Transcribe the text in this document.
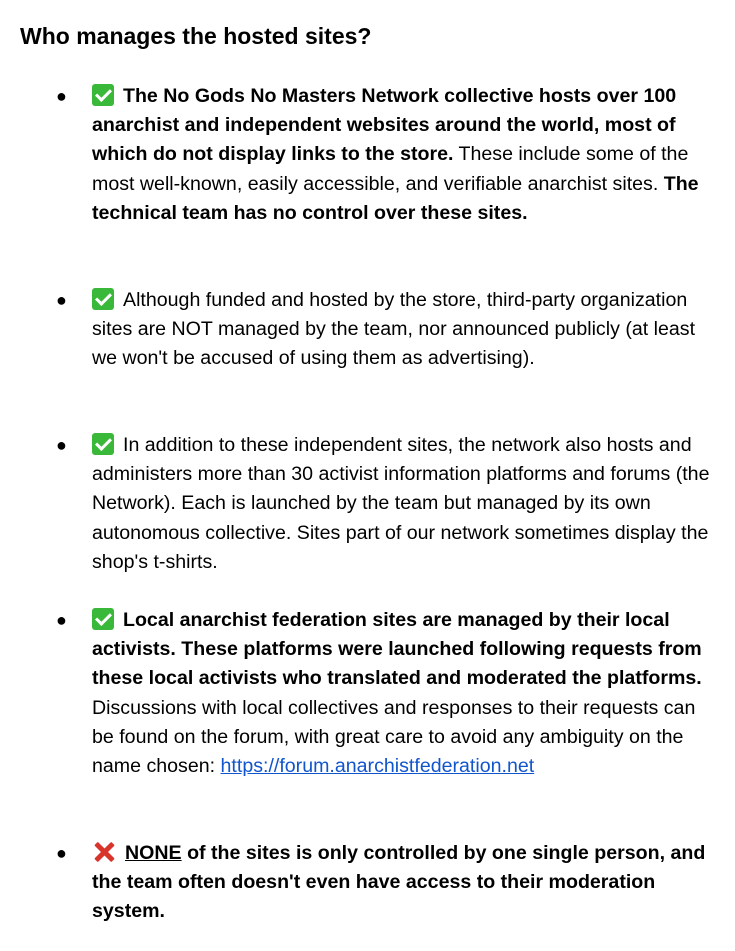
Who manages the hosted sites?
●	The No Gods No Masters Network collective hosts over 100 anarchist and independent websites around the world, most of which do not display links to the store. These include some of the most well-known, easily accessible, and verifiable anarchist sites. The technical team has no control over these sites.
●	Although funded and hosted by the store, third-party organization sites are NOT managed by the team, nor announced publicly (at least we won't be accused of using them as advertising).
●	In addition to these independent sites, the network also hosts and administers more than 30 activist information platforms and forums (the Network). Each is launched by the team but managed by its own autonomous collective. Sites part of our network sometimes display the shop's t-shirts.
●	Local anarchist federation sites are managed by their local activists. These platforms were launched following requests from these local activists who translated and moderated the platforms. Discussions with local collectives and responses to their requests can be found on the forum, with great care to avoid any ambiguity on the name chosen: https://forum.anarchistfederation.net
●	NONE of the sites is only controlled by one single person, and the team often doesn't even have access to their moderation system.
